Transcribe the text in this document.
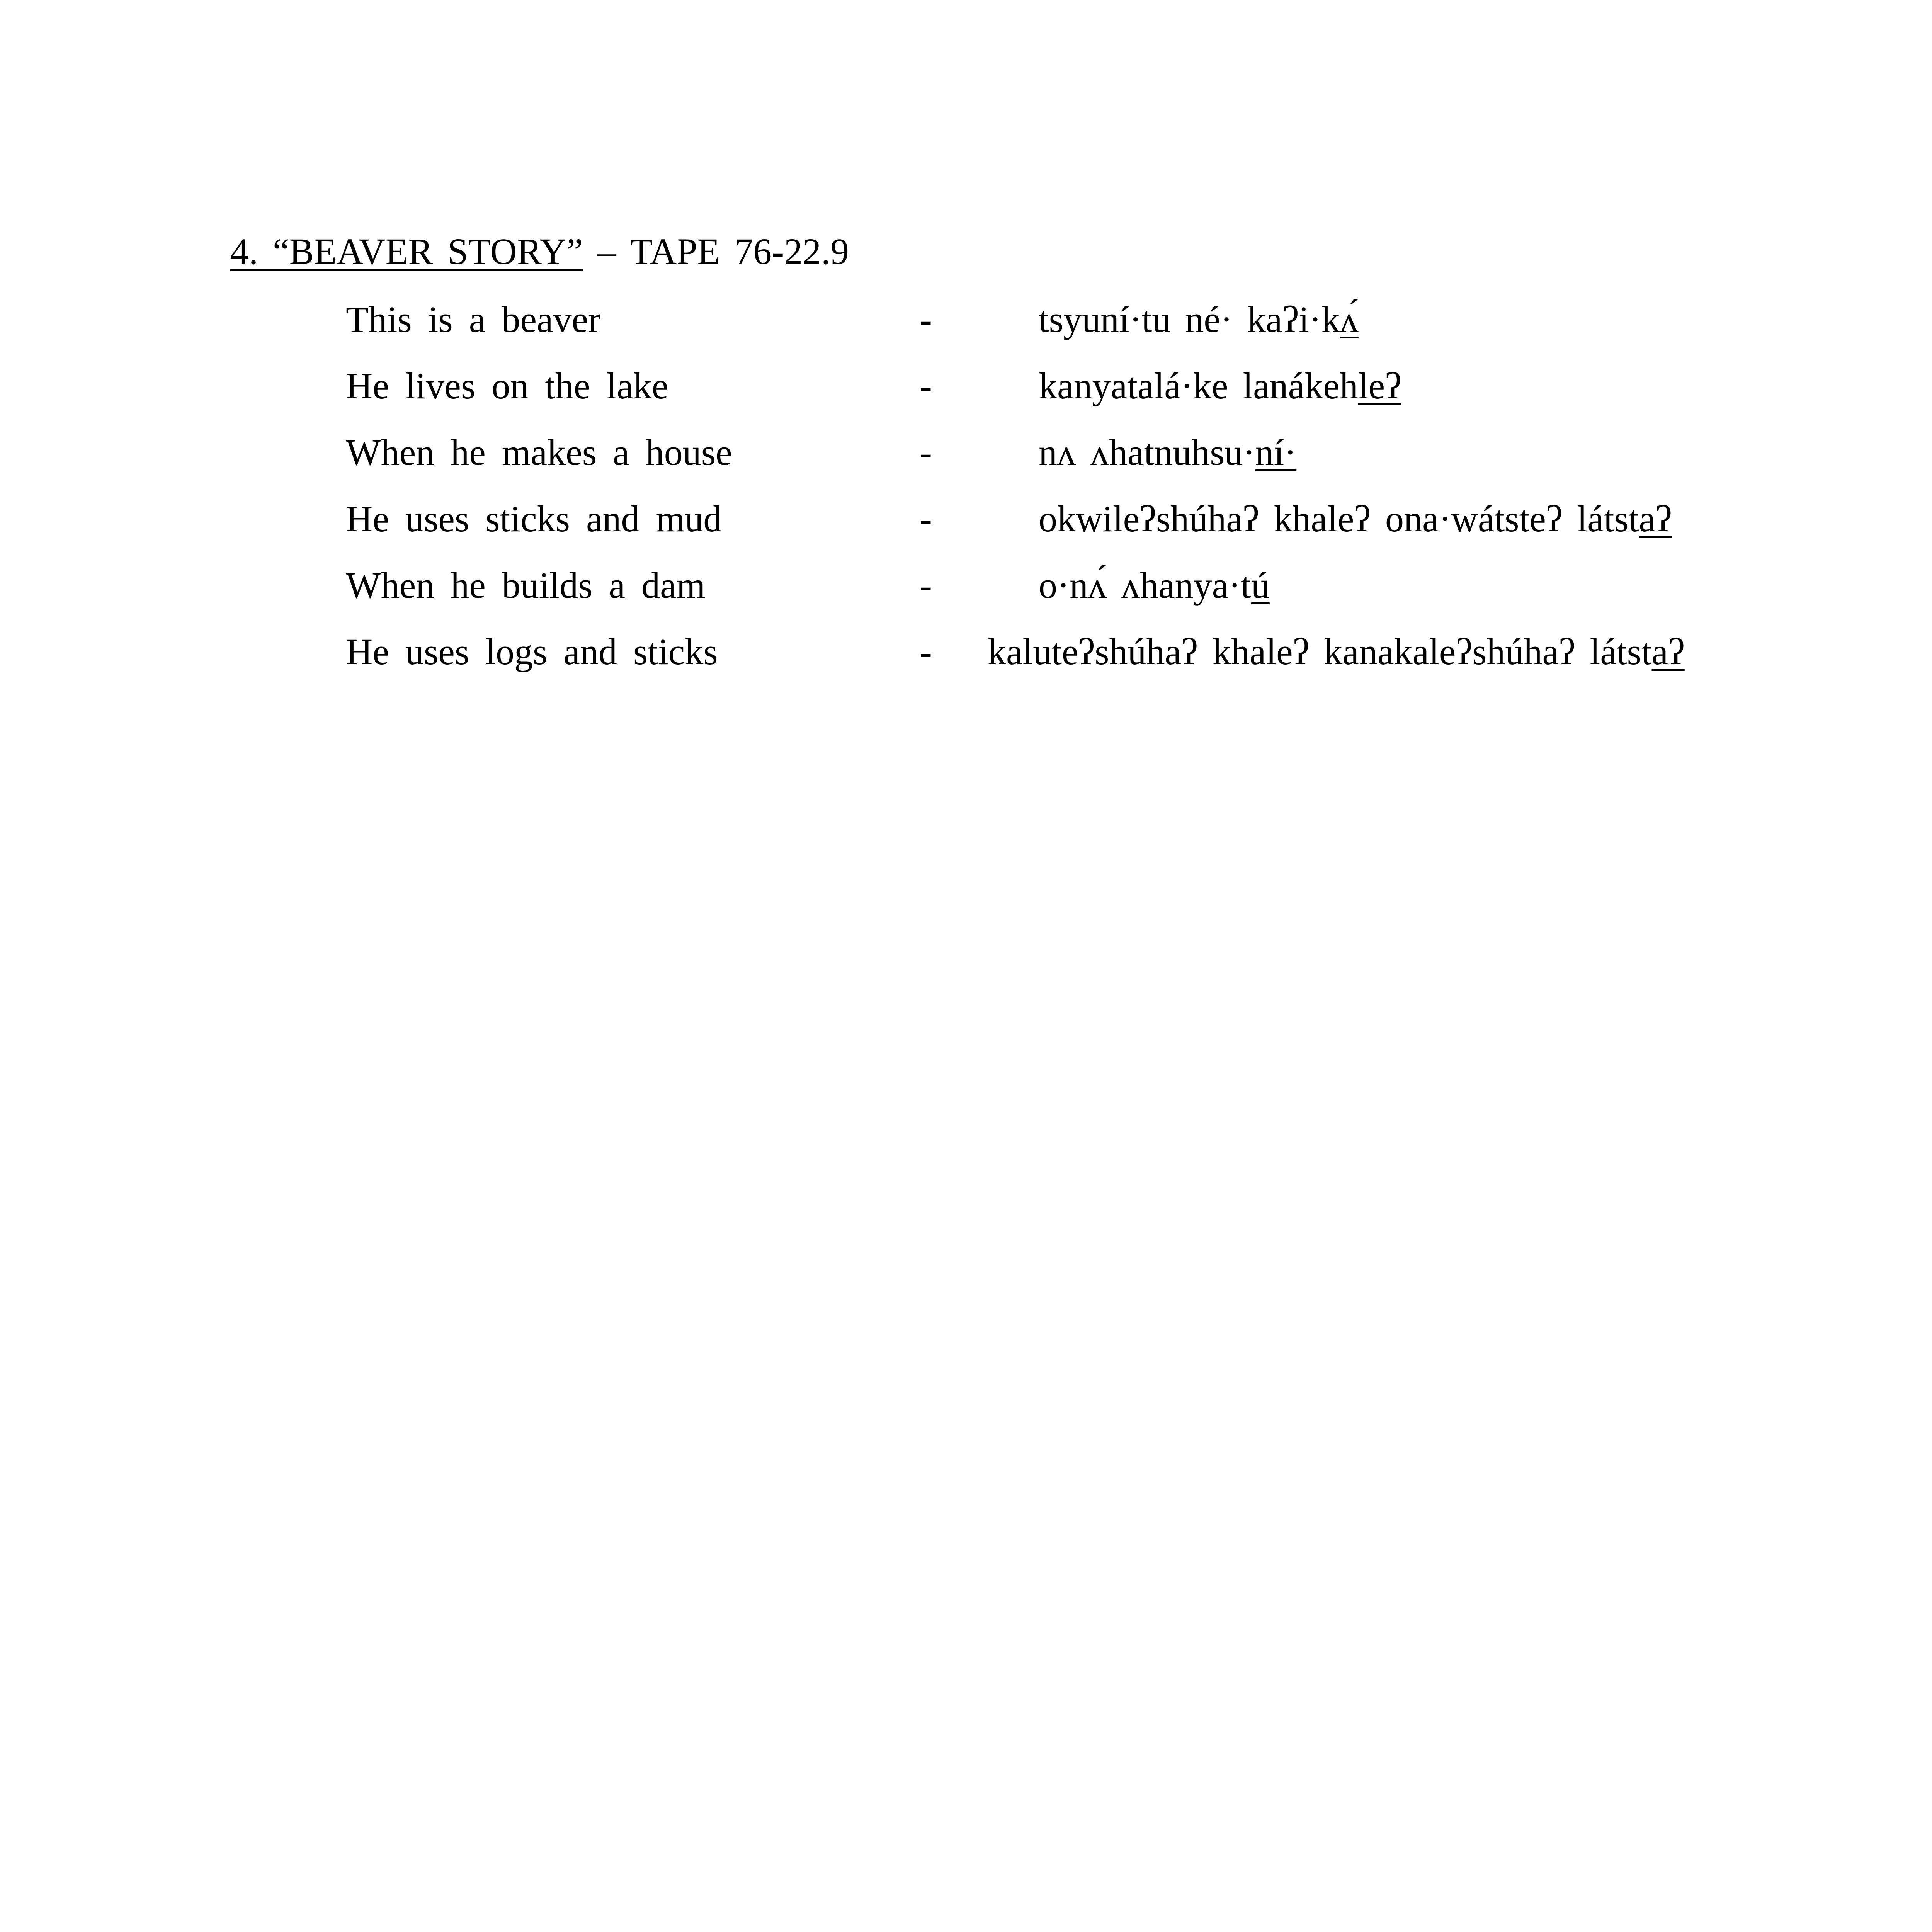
4. “BEAVER STORY” – TAPE 76-22.9
This is a beaver	-	tsyuní·tu né· kaʔi·kʌ́
He lives on the lake	-	kanyatalá·ke lanákehleʔ
When he makes a house	-	nʌ ʌhatnuhsu·ní·
He uses sticks and mud	-	okwileʔshúhaʔ khaleʔ ona·wátsteʔ látstaʔ
When he builds a dam	-	o·nʌ́ ʌhanya·tú
He uses logs and sticks	- kaluteʔshúhaʔ khaleʔ kanakaleʔshúhaʔ látstaʔ
